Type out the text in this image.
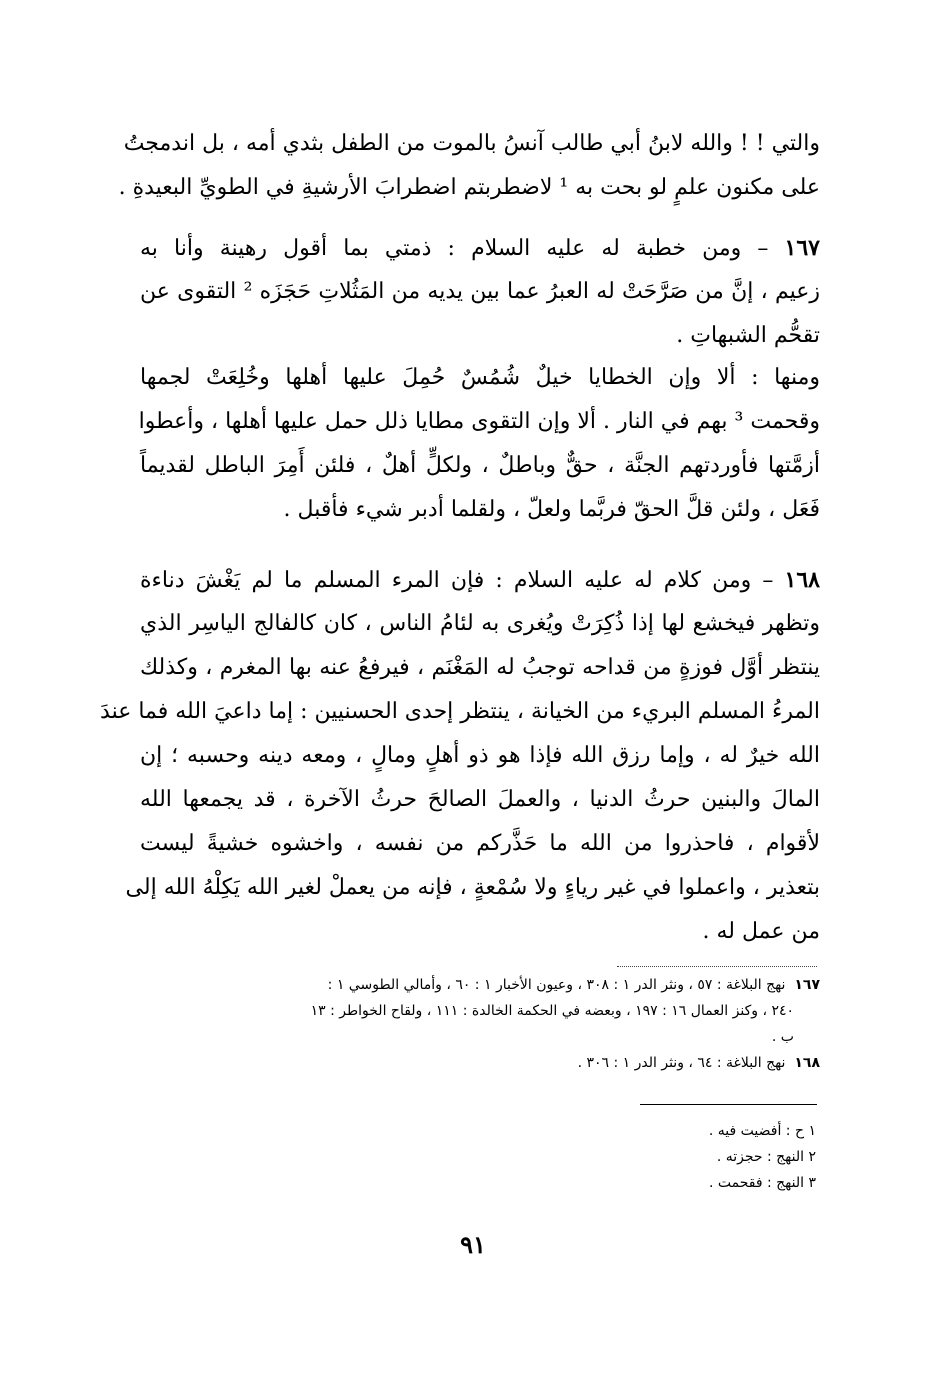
والتي ! ! والله لابنُ أبي طالب آنسُ بالموت من الطفل بثدي أمه ، بل اندمجتُ
على مكنون علمٍ لو بحت به ¹ لاضطربتم اضطرابَ الأرشيةِ في الطويِّ البعيدةِ .
١٦٧ – ومن خطبة له عليه السلام : ذمتي بما أقول رهينة وأنا به
زعيم ، إنَّ من صَرَّحَتْ له العبرُ عما بين يديه من المَثُلاتِ حَجَزَه ² التقوى عن
تقحُّم الشبهاتِ .
ومنها : ألا وإن الخطايا خيلٌ شُمُسٌ حُمِلَ عليها أهلها وخُلِعَتْ لجمها
وقحمت ³ بهم في النار . ألا وإن التقوى مطايا ذلل حمل عليها أهلها ، وأعطوا
أزمَّتها فأوردتهم الجنَّة ، حقٌّ وباطلٌ ، ولكلٍّ أهلٌ ، فلئن أَمِرَ الباطل لقديماً
فَعَل ، ولئن قلَّ الحقّ فربَّما ولعلّ ، ولقلما أدبر شيء فأقبل .
١٦٨ – ومن كلام له عليه السلام : فإن المرء المسلم ما لم يَغْشَ دناءة
وتظهر فيخشع لها إذا ذُكِرَتْ ويُغرى به لئامُ الناس ، كان كالفالج الياسِر الذي
ينتظر أوَّل فوزةٍ من قداحه توجبُ له المَغْنَم ، فيرفعُ عنه بها المغرم ، وكذلك
المرءُ المسلم البريء من الخيانة ، ينتظر إحدى الحسنيين : إما داعيَ الله فما عندَ
الله خيرٌ له ، وإما رزق الله فإذا هو ذو أهلٍ ومالٍ ، ومعه دينه وحسبه ؛ إن
المالَ والبنين حرثُ الدنيا ، والعملَ الصالحَ حرثُ الآخرة ، قد يجمعها الله
لأقوام ، فاحذروا من الله ما حَذَّركم من نفسه ، واخشوه خشيةً ليست
بتعذير ، واعملوا في غير رياءٍ ولا سُمْعةٍ ، فإنه من يعملْ لغير الله يَكِلْهُ الله إلى
من عمل له .
١٦٧  نهج البلاغة : ٥٧ ، ونثر الدر ١ : ٣٠٨ ، وعيون الأخبار ١ : ٦٠ ، وأمالي الطوسي ١ :
٢٤٠ ، وكنز العمال ١٦ : ١٩٧ ، وبعضه في الحكمة الخالدة : ١١١ ، ولقاح الخواطر : ١٣
ب .
١٦٨  نهج البلاغة : ٦٤ ، ونثر الدر ١ : ٣٠٦ .
١ ح : أفضيت فيه .
٢ النهج : حجزته .
٣ النهج : فقحمت .
٩١
